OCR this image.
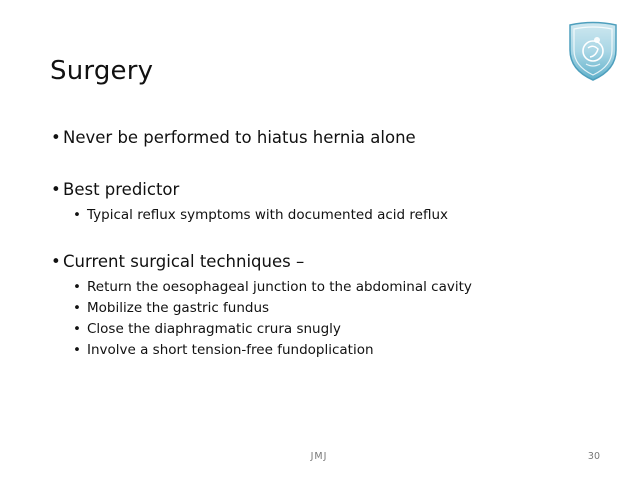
Surgery
• Never be performed to hiatus hernia alone
• Best predictor
• Typical reflux symptoms with documented acid reflux
• Current surgical techniques –
• Return the oesophageal junction to the abdominal cavity
• Mobilize the gastric fundus
• Close the diaphragmatic crura snugly
• Involve a short tension-free fundoplication
JMJ	30
